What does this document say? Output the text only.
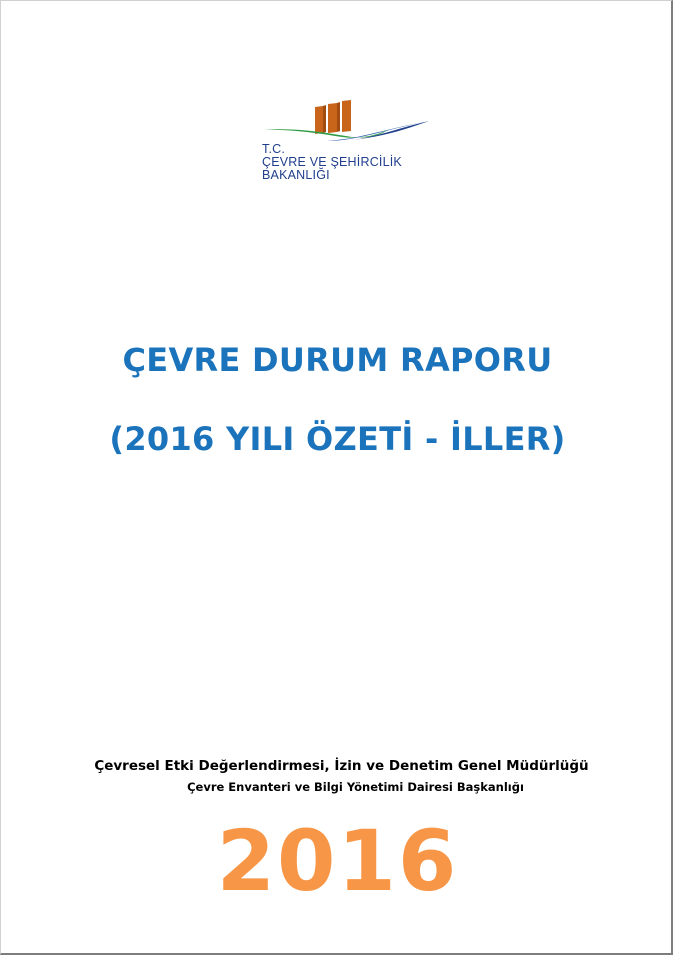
T.C.
ÇEVRE VE ŞEHİRCİLİK
BAKANLIĞI
ÇEVRE DURUM RAPORU
(2016 YILI ÖZETİ - İLLER)
Çevresel Etki Değerlendirmesi, İzin ve Denetim Genel Müdürlüğü
Çevre Envanteri ve Bilgi Yönetimi Dairesi Başkanlığı
2016
